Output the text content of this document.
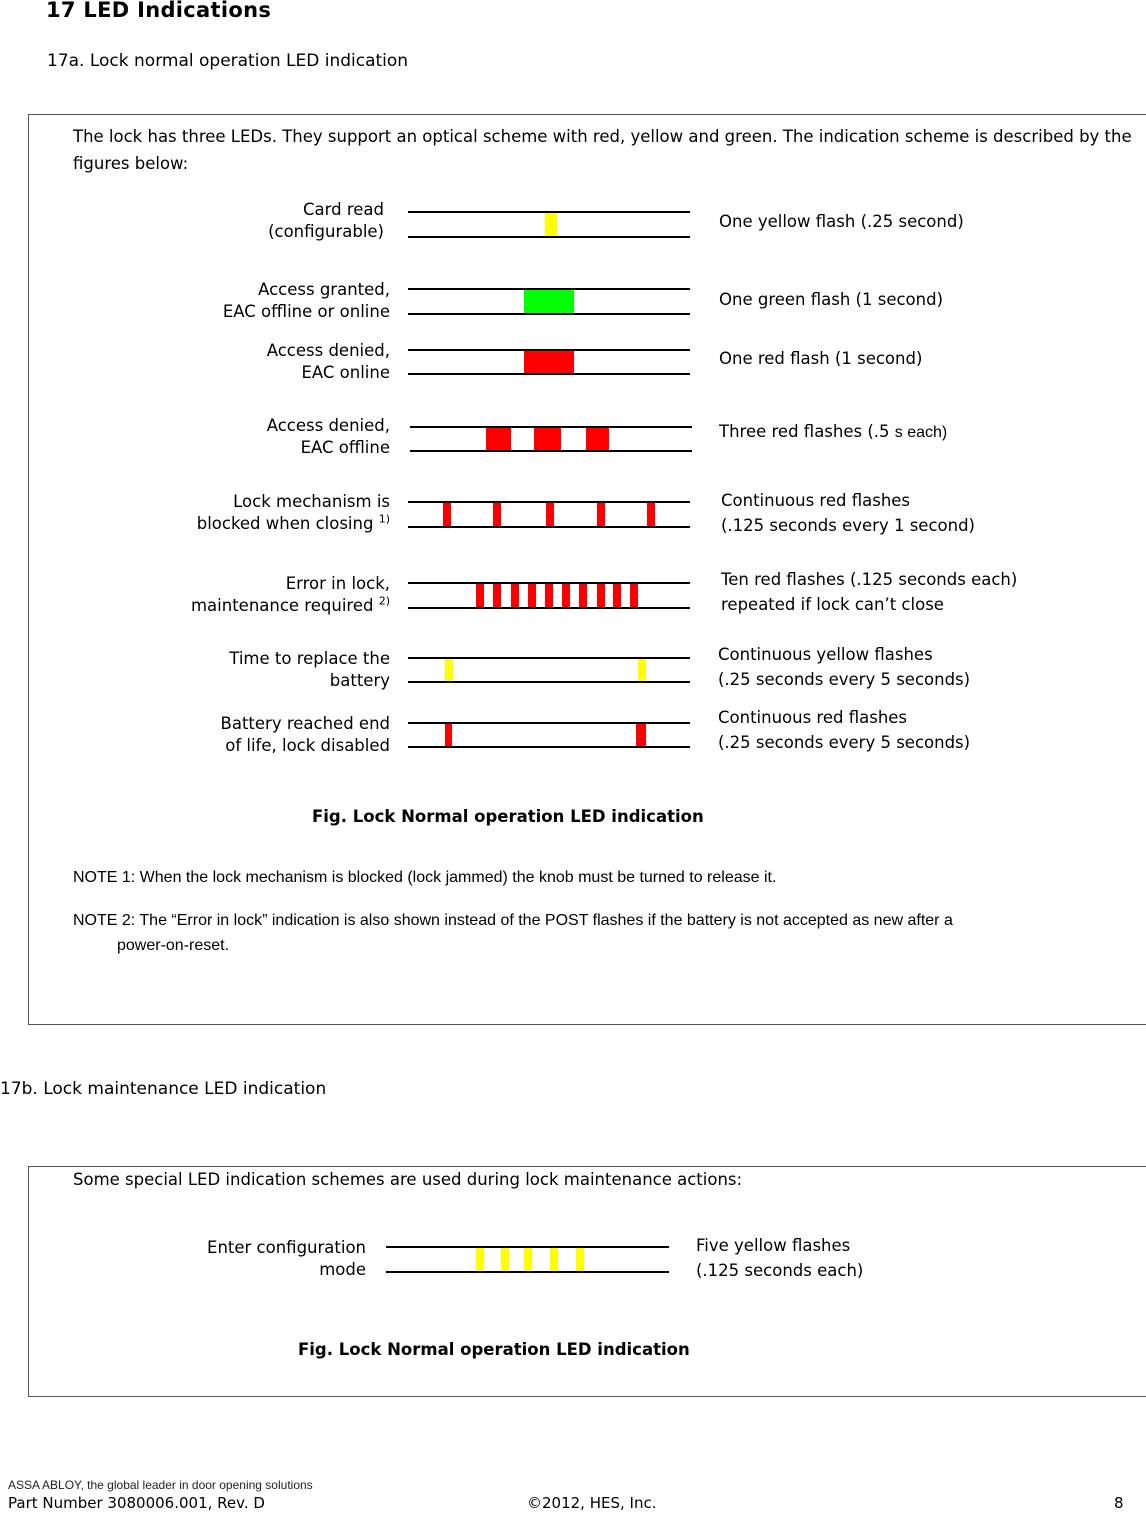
17 LED Indications
17a. Lock normal operation LED indication
The lock has three LEDs. They support an optical scheme with red, yellow and green. The indication scheme is described by the figures below:
Card read
(configurable)
One yellow flash (.25 second)
Access granted,
EAC offline or online
One green flash (1 second)
Access denied,
EAC online
One red flash (1 second)
Access denied,
EAC offline
Three red flashes (.5 s each)
Lock mechanism is
blocked when closing $^{1)}$
Continuous red flashes
(.125 seconds every 1 second)
Error in lock,
maintenance required $^{2)}$
Ten red flashes (.125 seconds each)
repeated if lock can’t close
Time to replace the
battery
Continuous yellow flashes
(.25 seconds every 5 seconds)
Battery reached end
of life, lock disabled
Continuous red flashes
(.25 seconds every 5 seconds)
Fig. Lock Normal operation LED indication
NOTE 1: When the lock mechanism is blocked (lock jammed) the knob must be turned to release it.
NOTE 2: The “Error in lock” indication is also shown instead of the POST flashes if the battery is not accepted as new after a
power-on-reset.
17b. Lock maintenance LED indication
Some special LED indication schemes are used during lock maintenance actions:
Enter configuration
mode
Five yellow flashes
(.125 seconds each)
Fig. Lock Normal operation LED indication
ASSA ABLOY, the global leader in door opening solutions
Part Number 3080006.001, Rev. D	©2012, HES, Inc.	8
